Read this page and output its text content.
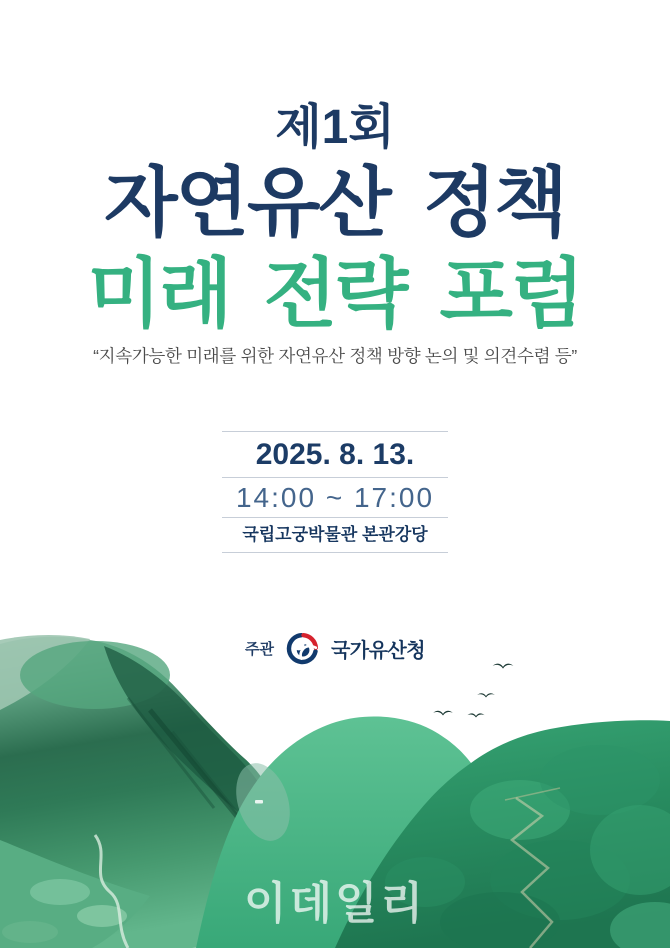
제1회
자연유산 정책
미래 전략 포럼
“지속가능한 미래를 위한 자연유산 정책 방향 논의 및 의견수렴 등”
2025. 8. 13.
14:00 ~ 17:00
국립고궁박물관 본관강당
주관	국가유산청
이데일리
